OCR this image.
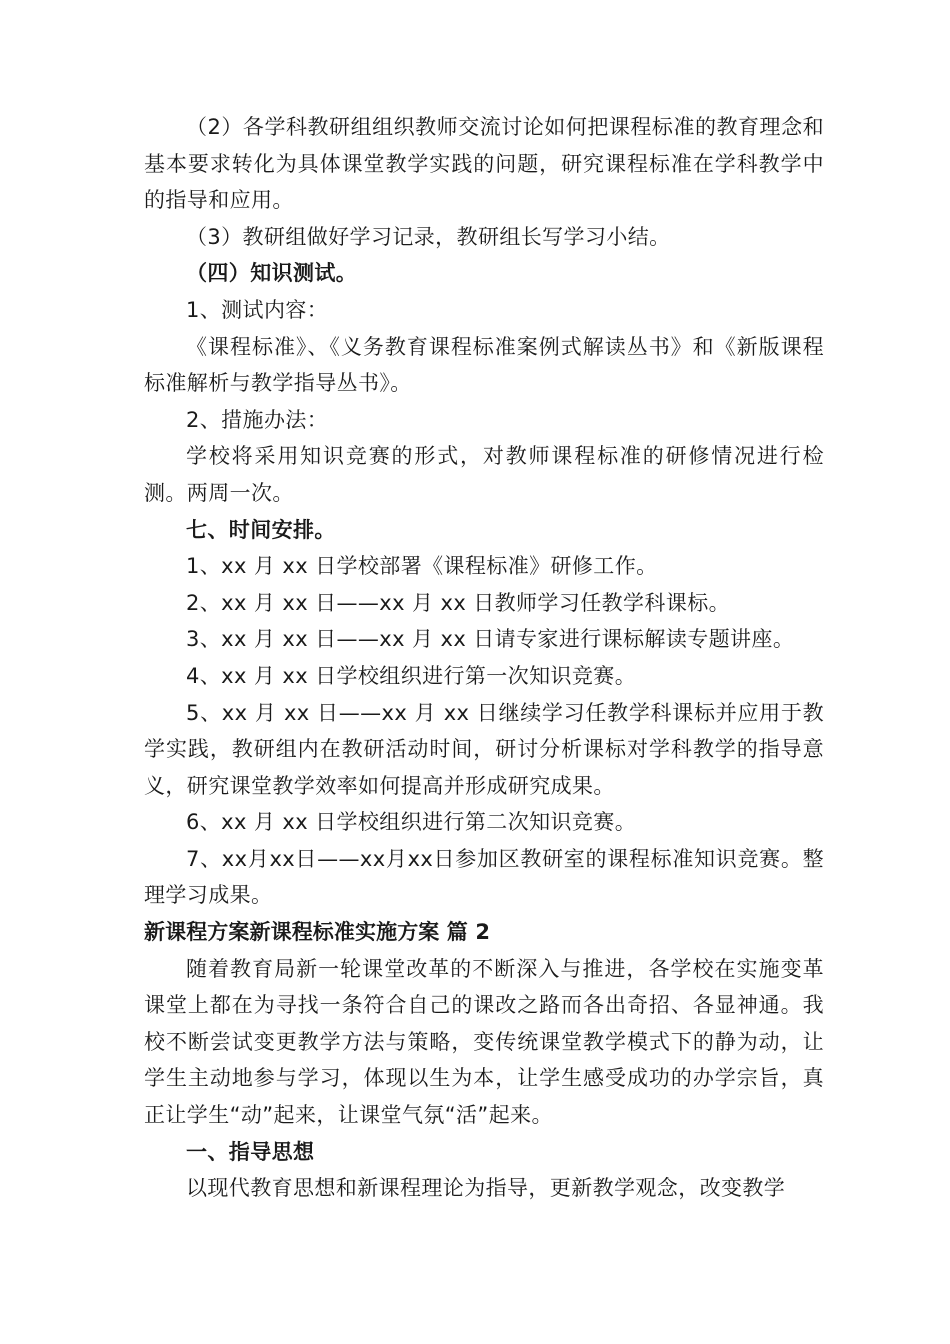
（2）各学科教研组组织教师交流讨论如何把课程标准的教育理念和基本要求转化为具体课堂教学实践的问题，研究课程标准在学科教学中的指导和应用。

（3）教研组做好学习记录，教研组长写学习小结。

（四）知识测试。

1、测试内容：

《课程标准》、《义务教育课程标准案例式解读丛书》和《新版课程标准解析与教学指导丛书》。

2、措施办法：

学校将采用知识竞赛的形式，对教师课程标准的研修情况进行检测。两周一次。

七、时间安排。

1、xx 月 xx 日学校部署《课程标准》研修工作。

2、xx 月 xx 日——xx 月 xx 日教师学习任教学科课标。

3、xx 月 xx 日——xx 月 xx 日请专家进行课标解读专题讲座。

4、xx 月 xx 日学校组织进行第一次知识竞赛。

5、xx 月 xx 日——xx 月 xx 日继续学习任教学科课标并应用于教学实践，教研组内在教研活动时间，研讨分析课标对学科教学的指导意义，研究课堂教学效率如何提高并形成研究成果。

6、xx 月 xx 日学校组织进行第二次知识竞赛。

7、xx月xx日——xx月xx日参加区教研室的课程标准知识竞赛。整理学习成果。

新课程方案新课程标准实施方案 篇 2

随着教育局新一轮课堂改革的不断深入与推进，各学校在实施变革课堂上都在为寻找一条符合自己的课改之路而各出奇招、各显神通。我校不断尝试变更教学方法与策略，变传统课堂教学模式下的静为动，让学生主动地参与学习，体现以生为本，让学生感受成功的办学宗旨，真正让学生“动”起来，让课堂气氛“活”起来。

一、指导思想

以现代教育思想和新课程理论为指导，更新教学观念，改变教学
